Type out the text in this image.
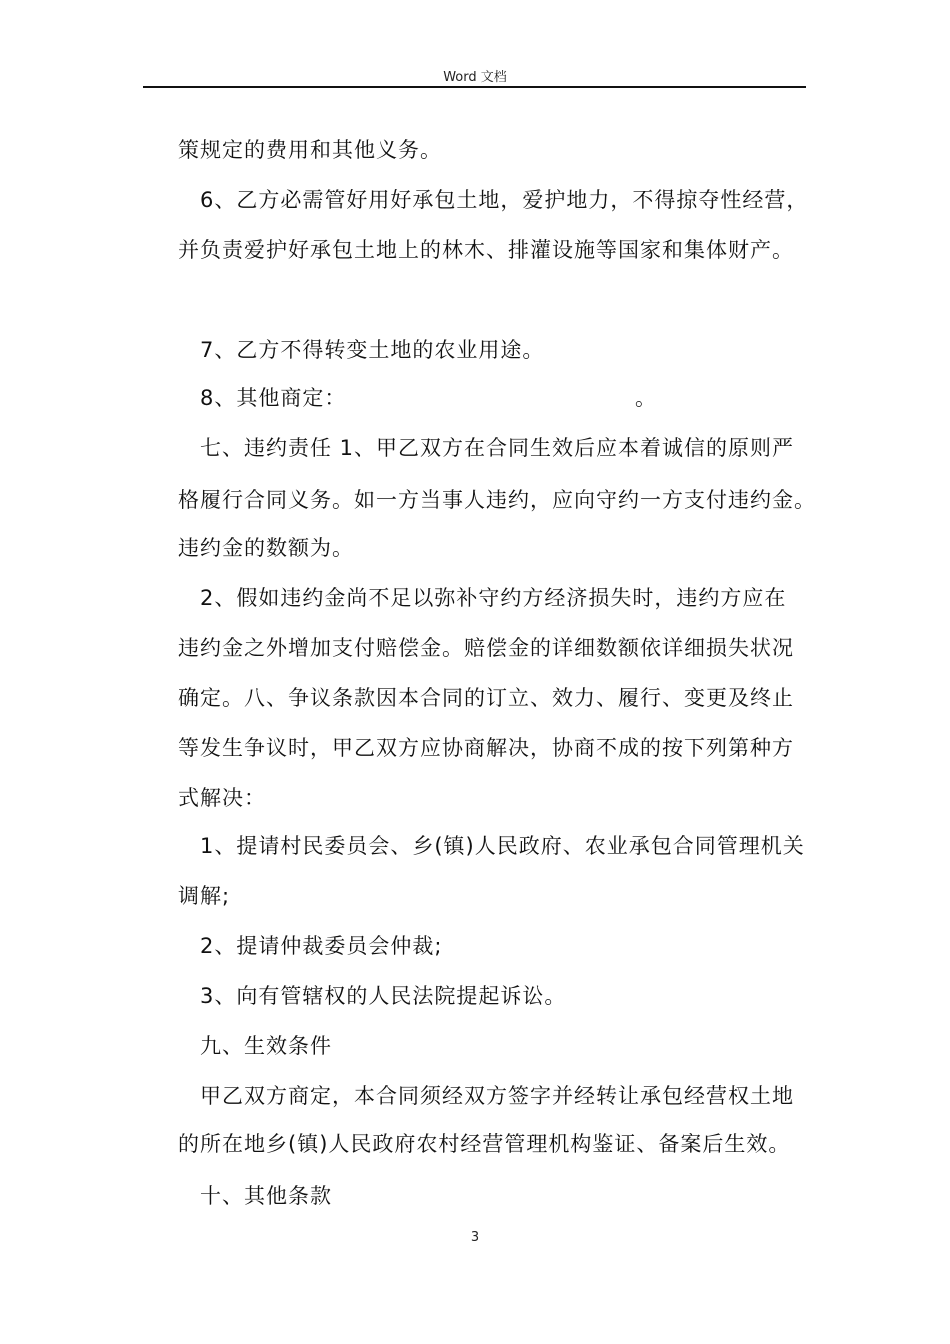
Word 文档
策规定的费用和其他义务。
6、乙方必需管好用好承包土地，爱护地力，不得掠夺性经营，
并负责爱护好承包土地上的林木、排灌设施等国家和集体财产。
7、乙方不得转变土地的农业用途。
8、其他商定：	。
七、违约责任 1、甲乙双方在合同生效后应本着诚信的原则严
格履行合同义务。如一方当事人违约，应向守约一方支付违约金。
违约金的数额为。
2、假如违约金尚不足以弥补守约方经济损失时，违约方应在
违约金之外增加支付赔偿金。赔偿金的详细数额依详细损失状况
确定。八、争议条款因本合同的订立、效力、履行、变更及终止
等发生争议时，甲乙双方应协商解决，协商不成的按下列第种方
式解决：
1、提请村民委员会、乡(镇)人民政府、农业承包合同管理机关
调解;
2、提请仲裁委员会仲裁;
3、向有管辖权的人民法院提起诉讼。
九、生效条件
甲乙双方商定，本合同须经双方签字并经转让承包经营权土地
的所在地乡(镇)人民政府农村经营管理机构鉴证、备案后生效。
十、其他条款
3
